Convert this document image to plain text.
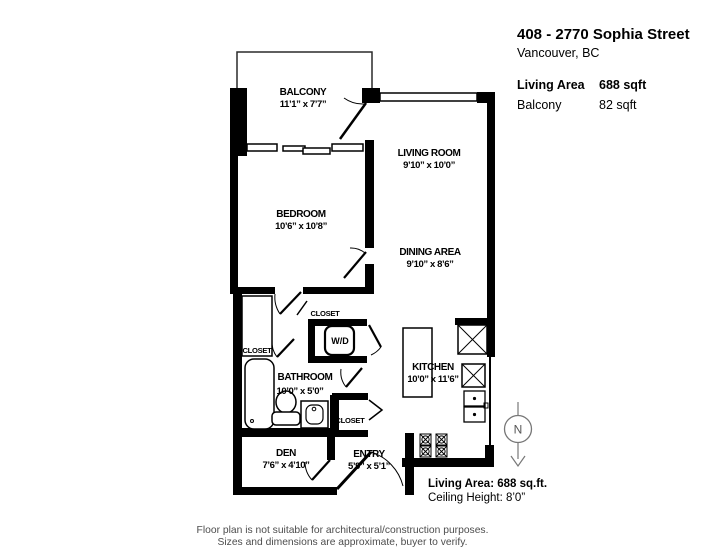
408 - 2770 Sophia Street
Vancouver, BC
Living Area	688 sqft
Balcony	82 sqft
BALCONY
11’1” x 7’7”
LIVING ROOM
9’10” x 10’0”
BEDROOM
10’6” x 10’8”
DINING AREA
9’10” x 8’6”
KITCHEN
10’0” x 11’6”
BATHROOM
10’0” x 5’0”
DEN
7’6” x 4’10”
ENTRY
5’9” x 5’1”
CLOSET
CLOSET
CLOSET
W/D
Living Area: 688 sq.ft.
Ceiling Height: 8’0”
N
Floor plan is not suitable for architectural/construction purposes.
Sizes and dimensions are approximate, buyer to verify.
